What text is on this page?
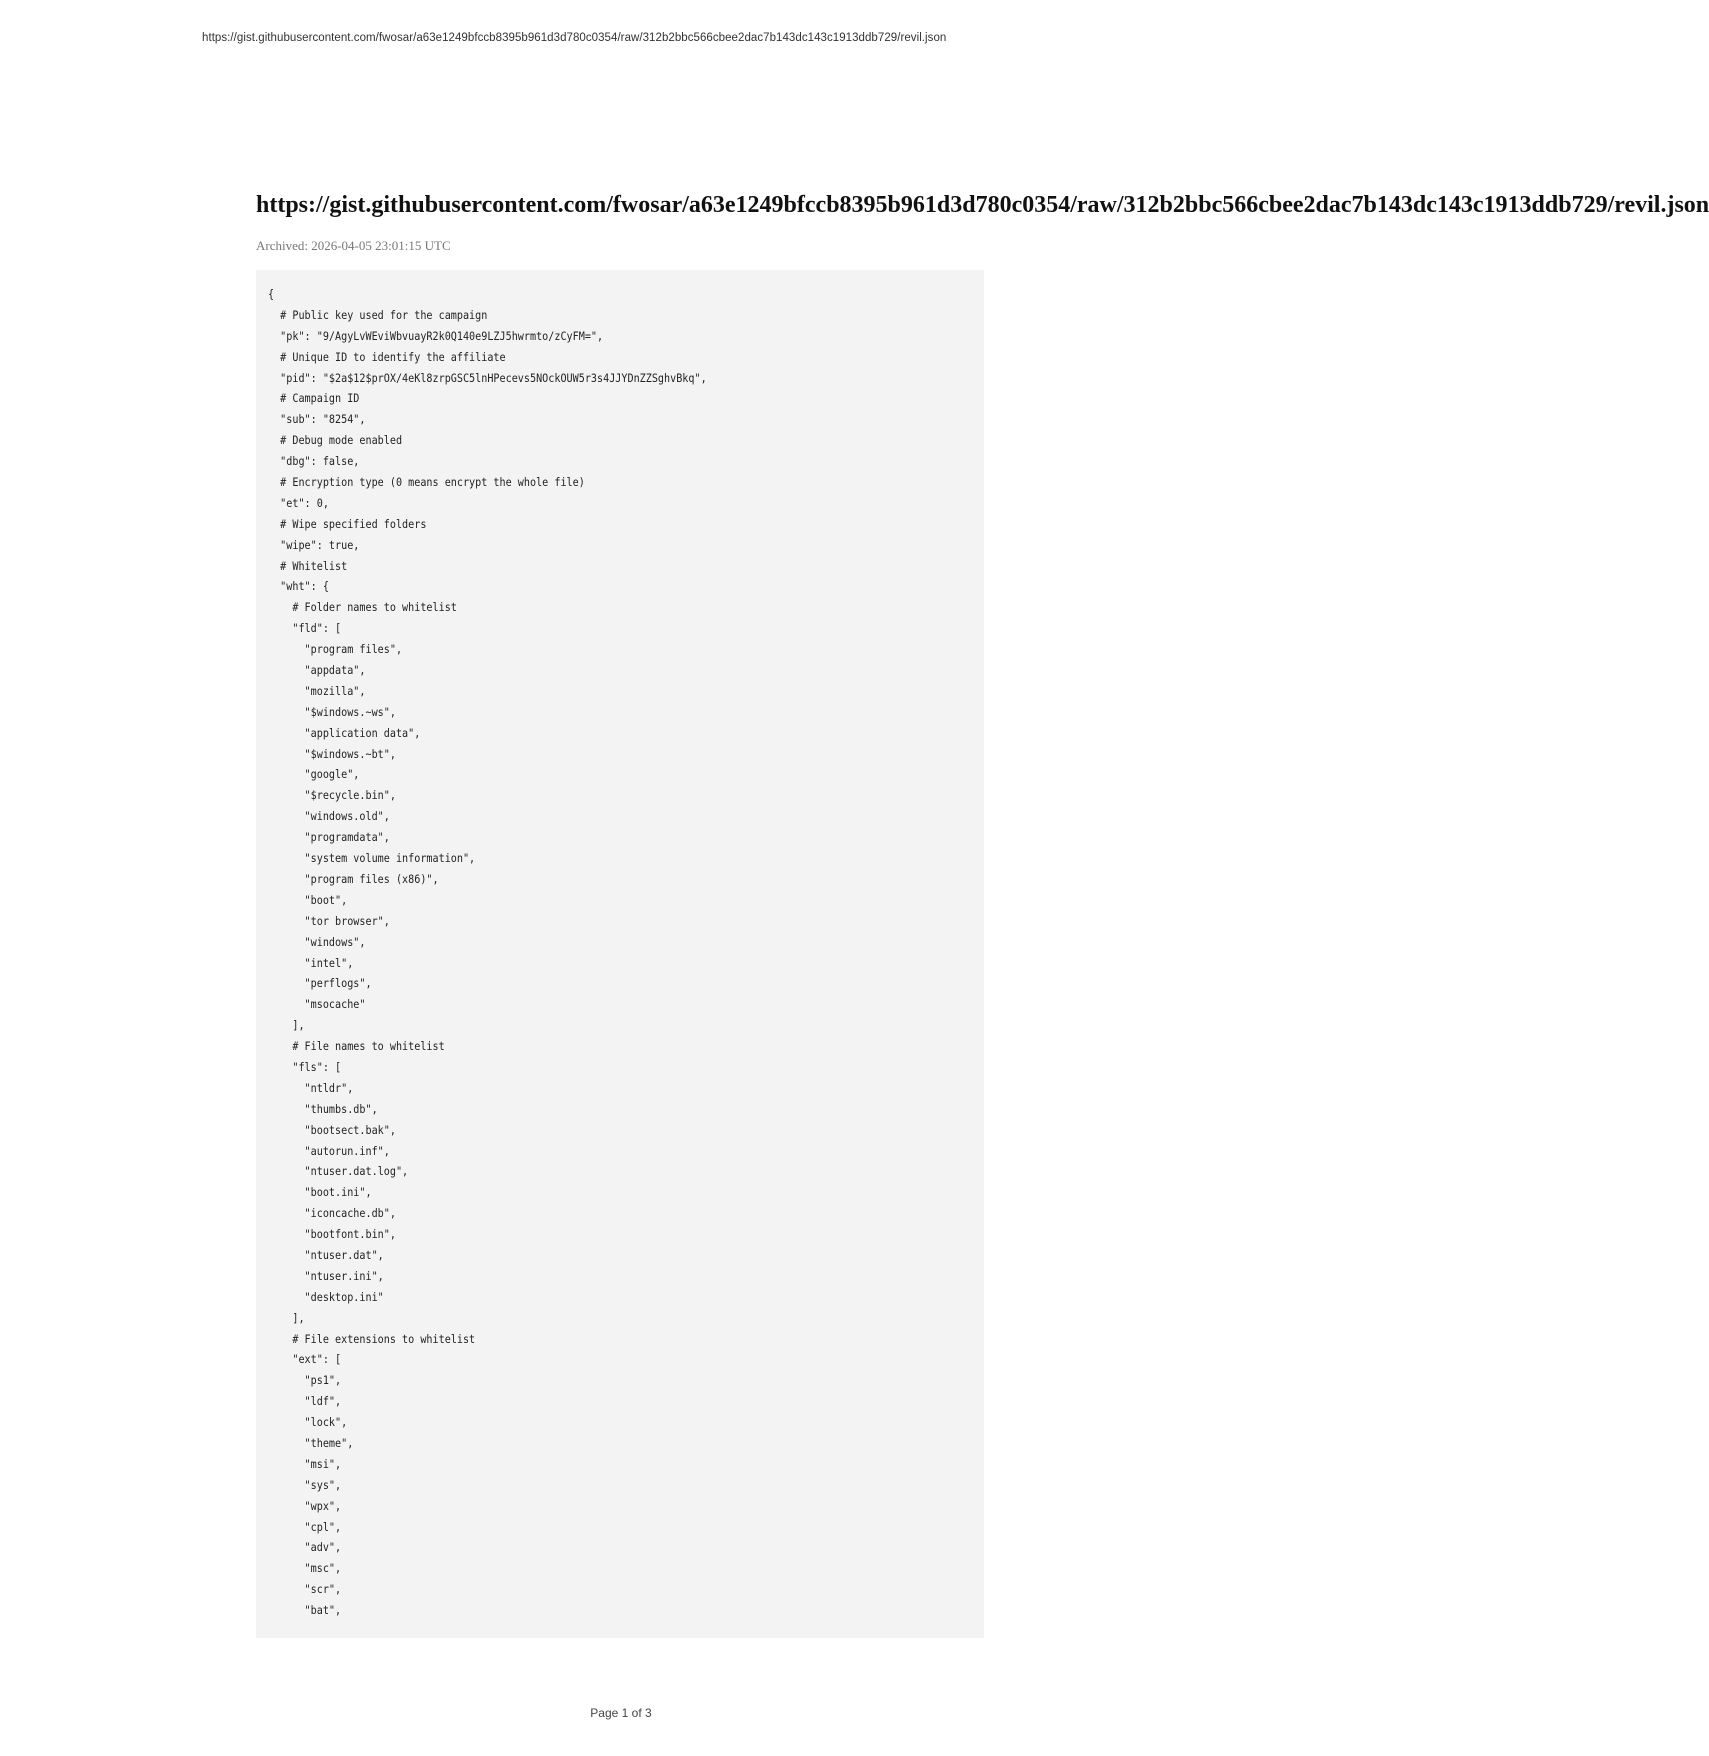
https://gist.githubusercontent.com/fwosar/a63e1249bfccb8395b961d3d780c0354/raw/312b2bbc566cbee2dac7b143dc143c1913ddb729/revil.json
https://gist.githubusercontent.com/fwosar/a63e1249bfccb8395b961d3d780c0354/raw/312b2bbc566cbee2dac7b143dc143c1913ddb729/revil.json
Archived: 2026-04-05 23:01:15 UTC
{
# Public key used for the campaign
"pk": "9/AgyLvWEviWbvuayR2k0Q140e9LZJ5hwrmto/zCyFM=",
# Unique ID to identify the affiliate
"pid": "$2a$12$prOX/4eKl8zrpGSC5lnHPecevs5NOckOUW5r3s4JJYDnZZSghvBkq",
# Campaign ID
"sub": "8254",
# Debug mode enabled
"dbg": false,
# Encryption type (0 means encrypt the whole file)
"et": 0,
# Wipe specified folders
"wipe": true,
# Whitelist
"wht": {
# Folder names to whitelist
"fld": [
"program files",
"appdata",
"mozilla",
"$windows.~ws",
"application data",
"$windows.~bt",
"google",
"$recycle.bin",
"windows.old",
"programdata",
"system volume information",
"program files (x86)",
"boot",
"tor browser",
"windows",
"intel",
"perflogs",
"msocache"
],
# File names to whitelist
"fls": [
"ntldr",
"thumbs.db",
"bootsect.bak",
"autorun.inf",
"ntuser.dat.log",
"boot.ini",
"iconcache.db",
"bootfont.bin",
"ntuser.dat",
"ntuser.ini",
"desktop.ini"
],
# File extensions to whitelist
"ext": [
"ps1",
"ldf",
"lock",
"theme",
"msi",
"sys",
"wpx",
"cpl",
"adv",
"msc",
"scr",
"bat",
Page 1 of 3
